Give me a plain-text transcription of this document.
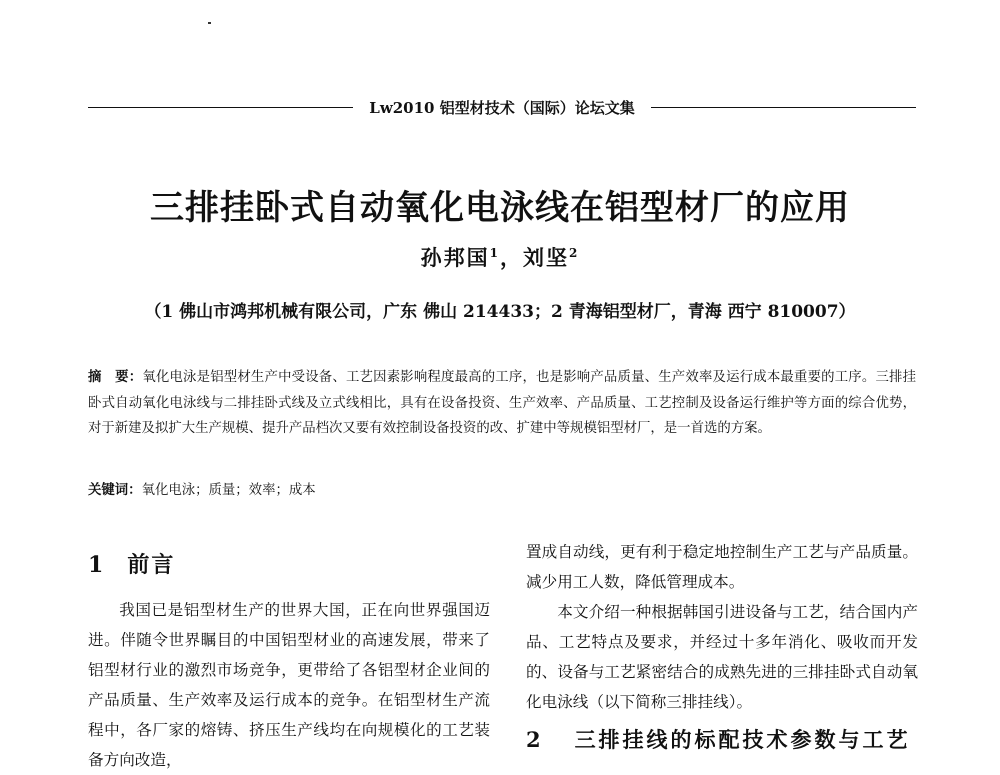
Lw2010 铝型材技术（国际）论坛文集
三排挂卧式自动氧化电泳线在铝型材厂的应用
孙邦国$^1$，刘坚$^2$
（1 佛山市鸿邦机械有限公司，广东 佛山 214433；2 青海铝型材厂，青海 西宁 810007）
摘　要：氧化电泳是铝型材生产中受设备、工艺因素影响程度最高的工序，也是影响产品质量、生产效率及运行成本最重要的工序。三排挂卧式自动氧化电泳线与二排挂卧式线及立式线相比，具有在设备投资、生产效率、产品质量、工艺控制及设备运行维护等方面的综合优势，对于新建及拟扩大生产规模、提升产品档次又要有效控制设备投资的改、扩建中等规模铝型材厂，是一首选的方案。
关键词：氧化电泳；质量；效率；成本
1 前言

我国已是铝型材生产的世界大国，正在向世界强国迈进。伴随令世界瞩目的中国铝型材业的高速发展，带来了铝型材行业的激烈市场竞争，更带给了各铝型材企业间的产品质量、生产效率及运行成本的竞争。在铝型材生产流程中，各厂家的熔铸、挤压生产线均在向规模化的工艺装备方向改造，

置成自动线，更有利于稳定地控制生产工艺与产品质量。减少用工人数，降低管理成本。

本文介绍一种根据韩国引进设备与工艺，结合国内产品、工艺特点及要求，并经过十多年消化、吸收而开发的、设备与工艺紧密结合的成熟先进的三排挂卧式自动氧化电泳线（以下简称三排挂线）。

2 三排挂线的标配技术参数与工艺
